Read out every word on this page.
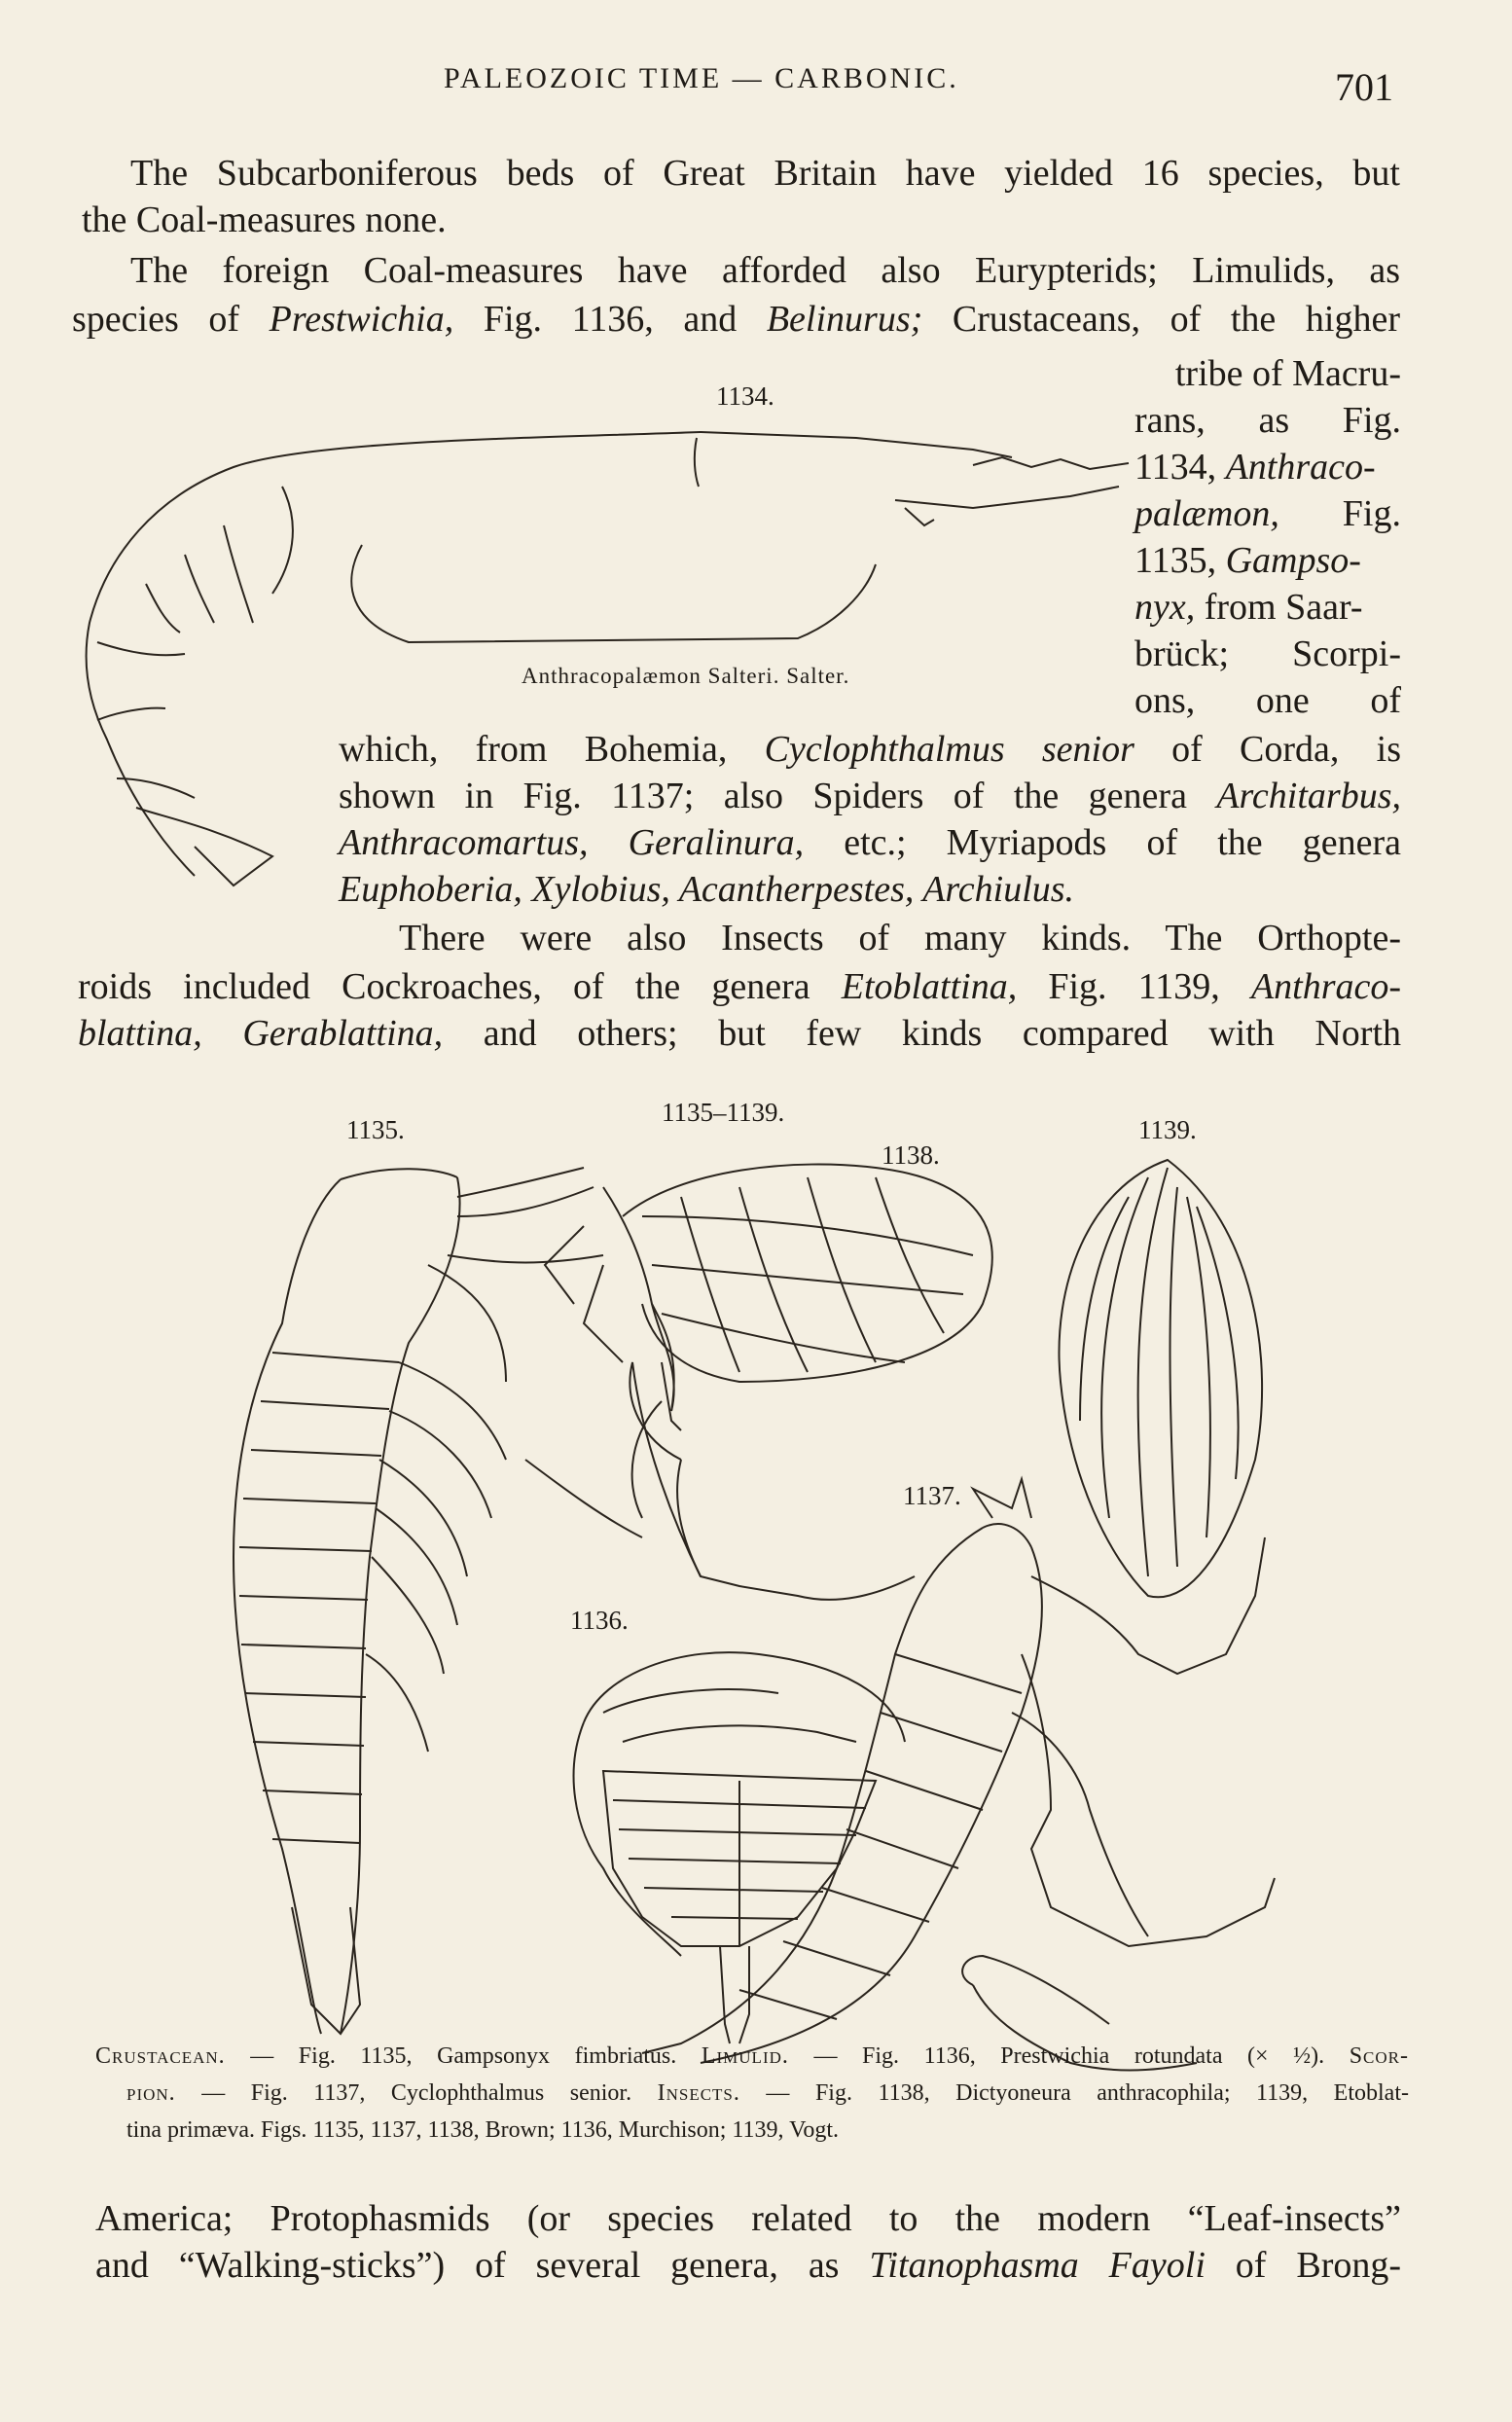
PALEOZOIC TIME — CARBONIC.	701
The Subcarboniferous beds of Great Britain have yielded 16 species, but
the Coal-measures none.
The foreign Coal-measures have afforded also Eurypterids; Limulids, as
species of Prestwichia, Fig. 1136, and Belinurus; Crustaceans, of the higher
tribe of Macru-
rans, as Fig.
1134, Anthraco-
palæmon, Fig.
1135, Gampso-
nyx, from Saar-
brück; Scorpi-
ons, one of
1134.
Anthracopalæmon Salteri. Salter.
which, from Bohemia, Cyclophthalmus senior of Corda, is
shown in Fig. 1137; also Spiders of the genera Architarbus,
Anthracomartus, Geralinura, etc.; Myriapods of the genera
Euphoberia, Xylobius, Acantherpestes, Archiulus.
There were also Insects of many kinds. The Orthopte-
roids included Cockroaches, of the genera Etoblattina, Fig. 1139, Anthraco-
blattina, Gerablattina, and others; but few kinds compared with North
1135.
1135–1139.
1138.
1139.
1137.
1136.
Crustacean. — Fig. 1135, Gampsonyx fimbriatus. Limulid. — Fig. 1136, Prestwichia rotundata (× ½). Scor-
pion. — Fig. 1137, Cyclophthalmus senior. Insects. — Fig. 1138, Dictyoneura anthracophila; 1139, Etoblat-
tina primæva. Figs. 1135, 1137, 1138, Brown; 1136, Murchison; 1139, Vogt.
America; Protophasmids (or species related to the modern “Leaf-insects”
and “Walking-sticks”) of several genera, as Titanophasma Fayoli of Brong-
